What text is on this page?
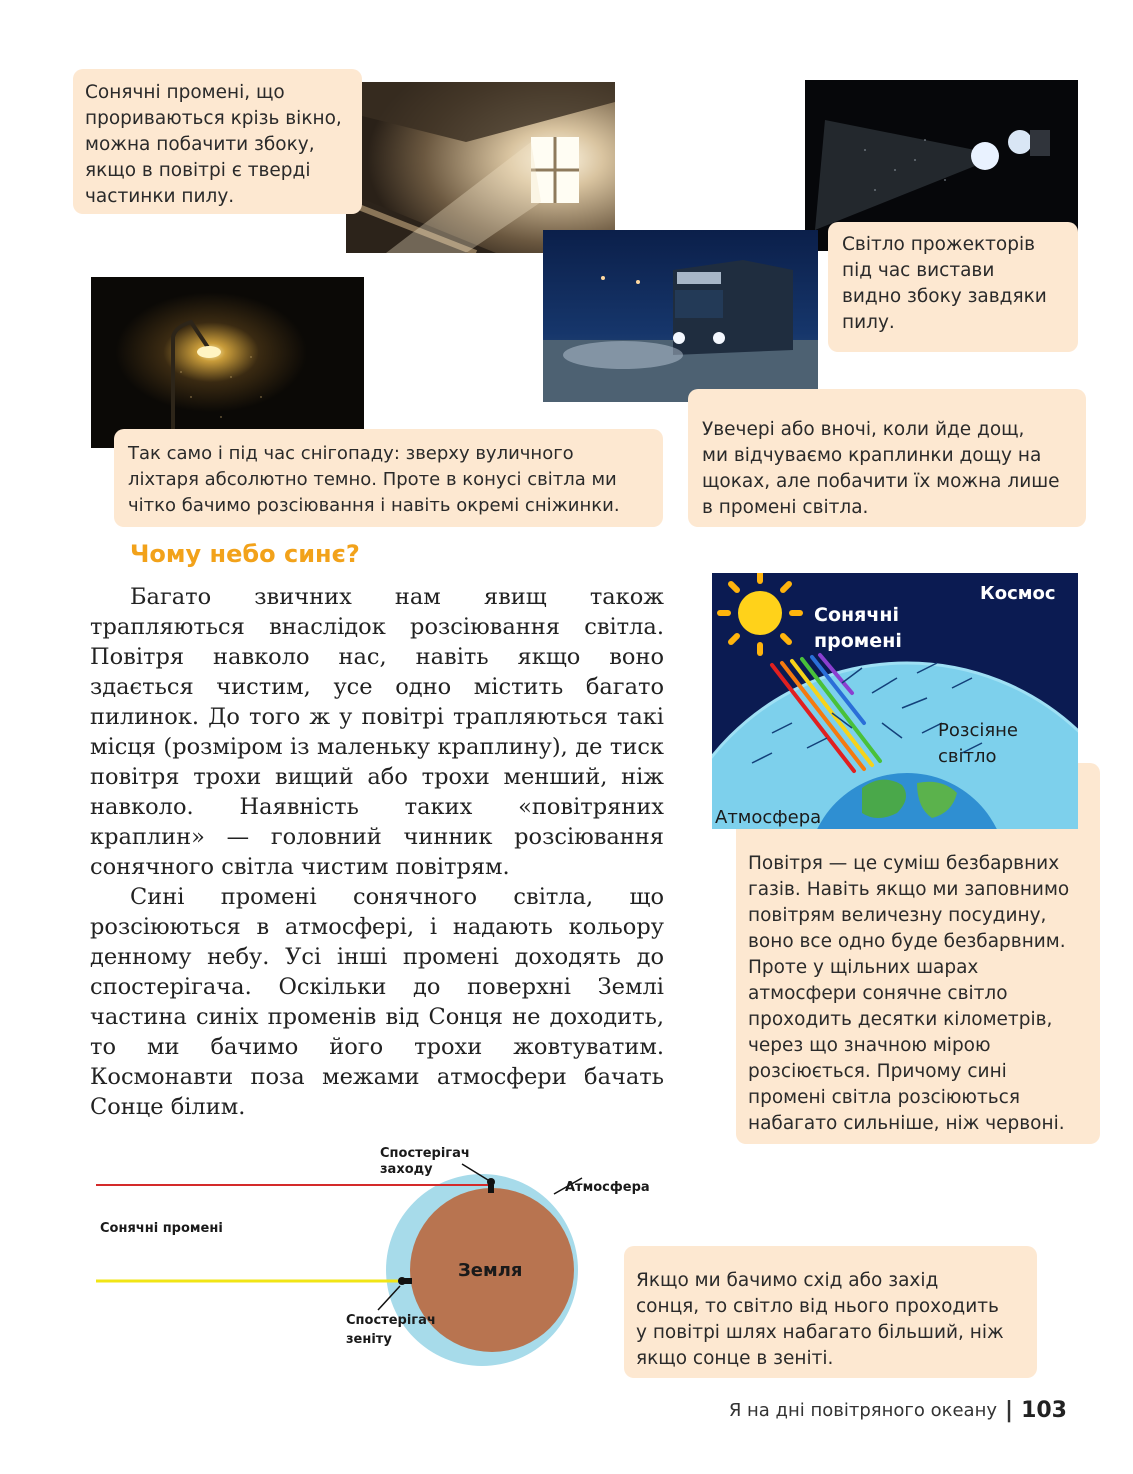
Сонячні промені, що
прориваються крізь вікно,
можна побачити збоку,
якщо в повітрі є тверді
частинки пилу.
Світло прожекторів
під час вистави
видно збоку завдяки
пилу.
Так само і під час снігопаду: зверху вуличного
ліхтаря абсолютно темно. Проте в конусі світла ми
чітко бачимо розсіювання і навіть окремі сніжинки.
Увечері або вночі, коли йде дощ,
ми відчуваємо краплинки дощу на
щоках, але побачити їх можна лише
в промені світла.
Чому небо синє?

Багато звичних нам явищ також трапляються внаслідок розсіювання світла. Повітря навколо нас, навіть якщо воно здається чистим, усе одно містить багато пилинок. До того ж у повітрі трапляються такі місця (розміром із маленьку краплину), де тиск повітря трохи вищий або трохи менший, ніж навколо. Наявність таких «повітряних краплин» — головний чинник розсіювання сонячного світла чистим повітрям.

Сині промені сонячного світла, що розсіюються в атмосфері, і надають кольору денному небу. Усі інші промені доходять до спостерігача. Оскільки до поверхні Землі частина синіх променів від Сонця не доходить, то ми бачимо його трохи жовтуватим. Космонавти поза межами атмосфери бачать Сонце білим.

Повітря — це суміш безбарвних
газів. Навіть якщо ми заповнимо
повітрям величезну посудину,
воно все одно буде безбарвним.
Проте у щільних шарах
атмосфери сонячне світло
проходить десятки кілометрів,
через що значною мірою
розсіюється. Причому сині
промені світла розсіюються
набагато сильніше, ніж червоні.
Космос
Сонячні
промені
Розсіяне
світло
Атмосфера
Спостерігач
заходу
Атмосфера
Сонячні промені
Земля
Спостерігач
зеніту
Якщо ми бачимо схід або захід
сонця, то світло від нього проходить
у повітрі шлях набагато більший, ніж
якщо сонце в зеніті.
Я на дні повітряного океану | 103
